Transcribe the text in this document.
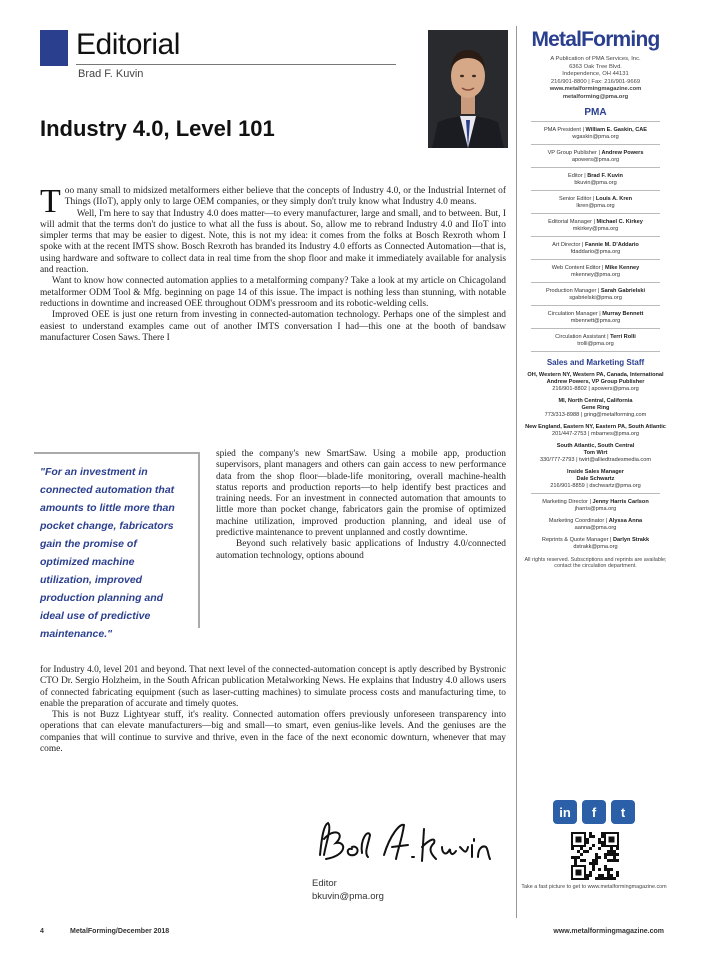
Editorial
Brad F. Kuvin
Industry 4.0, Level 101

Too many small to midsized metalformers either believe that the concepts of Industry 4.0, or the Industrial Internet of Things (IIoT), apply only to large OEM companies, or they simply don't truly know what Industry 4.0 means.

Well, I'm here to say that Industry 4.0 does matter—to every manufacturer, large and small, and to between. But, I will admit that the terms don't do justice to what all the fuss is about. So, allow me to rebrand Industry 4.0 and IIoT into simpler terms that may be easier to digest. Note, this is not my idea: it comes from the folks at Bosch Rexroth whom I spoke with at the recent IMTS show. Bosch Rexroth has branded its Industry 4.0 efforts as Connected Automation—that is, using hardware and software to collect data in real time from the shop floor and make it immediately available for analysis and reaction.

Want to know how connected automation applies to a metalforming company? Take a look at my article on Chicagoland metalformer ODM Tool & Mfg. beginning on page 14 of this issue. The impact is nothing less than stunning, with notable reductions in downtime and increased OEE throughout ODM's pressroom and its robotic-welding cells.

Improved OEE is just one return from investing in connected-automation technology. Perhaps one of the simplest and easiest to understand examples came out of another IMTS conversation I had—this one at the booth of bandsaw manufacturer Cosen Saws. There I

"For an investment in connected automation that amounts to little more than pocket change, fabricators gain the promise of optimized machine utilization, improved production planning and ideal use of predictive maintenance."

spied the company's new SmartSaw. Using a mobile app, production supervisors, plant managers and others can gain access to new performance data from the shop floor—blade-life monitoring, overall machine-health status reports and production reports—to help identify best practices and training needs. For an investment in connected automation that amounts to little more than pocket change, fabricators gain the promise of optimized machine utilization, improved production planning, and ideal use of predictive maintenance to prevent unplanned and costly downtime.

Beyond such relatively basic applications of Industry 4.0/connected automation technology, options abound

for Industry 4.0, level 201 and beyond. That next level of the connected-automation concept is aptly described by Bystronic CTO Dr. Sergio Holzheim, in the South African publication Metalworking News. He explains that Industry 4.0 allows users of connected fabricating equipment (such as laser-cutting machines) to simulate process costs and manufacturing time, to enable the preparation of accurate and timely quotes.

This is not Buzz Lightyear stuff, it's reality. Connected automation offers previously unforeseen transparency into operations that can elevate manufacturers—big and small—to smart, even genius-like levels. And the geniuses are the companies that will continue to survive and thrive, even in the face of the next economic downturn, whenever that may come.

Editor
bkuvin@pma.org
4	MetalForming/December 2018	www.metalformingmagazine.com
MetalForming
A Publication of PMA Services, Inc.
6363 Oak Tree Blvd.
Independence, OH 44131
216/901-8800 | Fax: 216/901-9669
www.metalformingmagazine.com
metalforming@pma.org
PMA
PMA President | William E. Gaskin, CAE
wgaskin@pma.org
VP Group Publisher | Andrew Powers
apowers@pma.org
Editor | Brad F. Kuvin
bkuvin@pma.org
Senior Editor | Louis A. Kren
lkren@pma.org
Editorial Manager | Michael C. Kirkey
mkirkey@pma.org
Art Director | Fannie M. D'Addario
fdaddario@pma.org
Web Content Editor | Mike Kenney
mkenney@pma.org
Production Manager | Sarah Gabrielski
sgabrielski@pma.org
Circulation Manager | Murray Bennett
mbennett@pma.org
Circulation Assistant | Terri Rolli
trolli@pma.org
Sales and Marketing Staff
OH, Western NY, Western PA, Canada, International
Andrew Powers, VP Group Publisher
216/901-8802 | apowers@pma.org
MI, North Central, California
Gene Ring
773/313-8988 | gring@metalforming.com
New England, Eastern NY, Eastern PA, South Atlantic
201/447-2753 | mbarnes@pma.org
South Atlantic, South Central
Tom Wirt
330/777-2793 | twirt@alliedtradesmedia.com
Inside Sales Manager
Dale Schwartz
216/901-8859 | dschwartz@pma.org
Marketing Director | Jenny Harris Carlson
jharris@pma.org
Marketing Coordinator | Alyssa Anna
aanna@pma.org
Reprints & Quote Manager | Darlyn Strakk
dstrakk@pma.org
All rights reserved. Subscriptions and reprints are available; contact the circulation department.
in	f	t
Take a fast picture to get to www.metalformingmagazine.com
